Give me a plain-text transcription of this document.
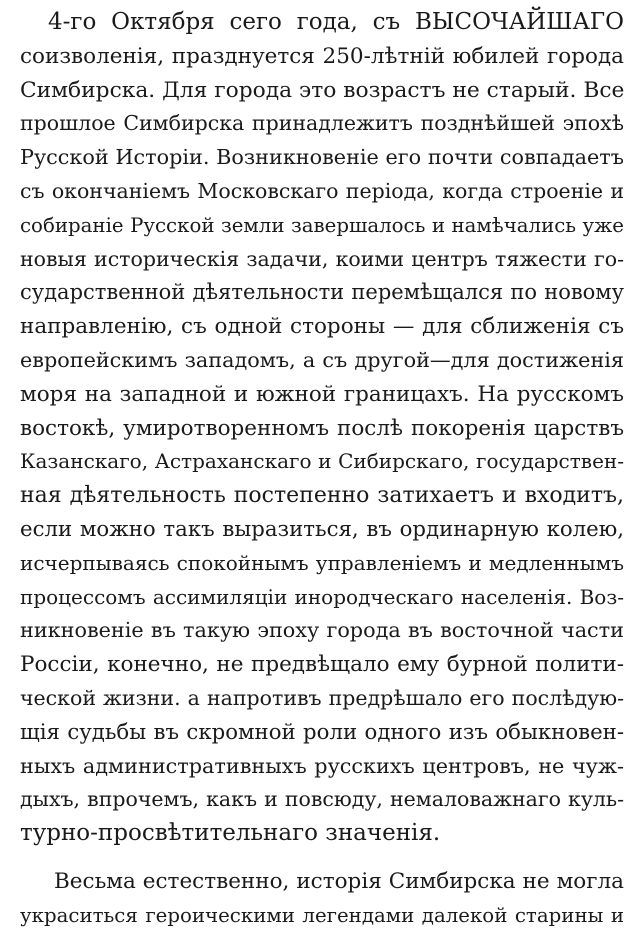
4-го Октября сего года, съ ВЫСОЧАЙШАГО
соизволенія, празднуется 250-лѣтній юбилей города
Симбирска. Для города это возрастъ не старый. Все
прошлое Симбирска принадлежитъ позднѣйшей эпохѣ
Русской Исторіи. Возникновеніе его почти совпадаетъ
съ окончаніемъ Московскаго періода, когда строеніе и
собираніе Русской земли завершалось и намѣчались уже
новыя историческія задачи, коими центръ тяжести го-
сударственной дѣятельности перемѣщался по новому
направленію, съ одной стороны — для сближенія съ
европейскимъ западомъ, а съ другой—для достиженія
моря на западной и южной границахъ. На русскомъ
востокѣ, умиротворенномъ послѣ покоренія царствъ
Казанскаго, Астраханскаго и Сибирскаго, государствен-
ная дѣятельность постепенно затихаетъ и входитъ,
если можно такъ выразиться, въ ординарную колею,
исчерпываясь спокойнымъ управленіемъ и медленнымъ
процессомъ ассимиляціи инородческаго населенія. Воз-
никновеніе въ такую эпоху города въ восточной части
Россіи, конечно, не предвѣщало ему бурной полити-
ческой жизни. а напротивъ предрѣшало его послѣдую-
щія судьбы въ скромной роли одного изъ обыкновен-
ныхъ административныхъ русскихъ центровъ, не чуж-
дыхъ, впрочемъ, какъ и повсюду, немаловажнаго куль-
турно-просвѣтительнаго значенія.
Весьма естественно, исторія Симбирска не могла
украситься героическими легендами далекой старины и
